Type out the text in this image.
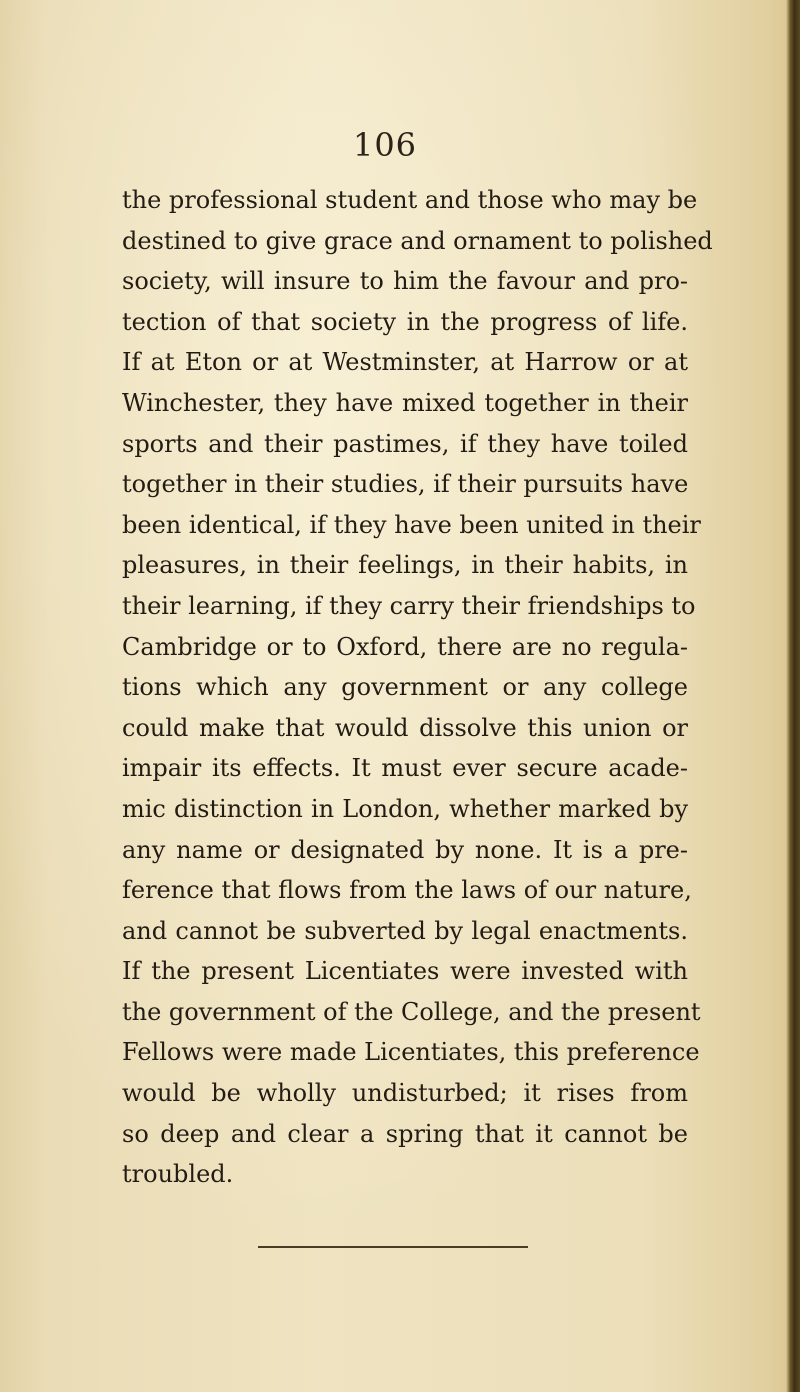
106
the professional student and those who may be
destined to give grace and ornament to polished
society, will insure to him the favour and pro-
tection of that society in the progress of life.
If at Eton or at Westminster, at Harrow or at
Winchester, they have mixed together in their
sports and their pastimes, if they have toiled
together in their studies, if their pursuits have
been identical, if they have been united in their
pleasures, in their feelings, in their habits, in
their learning, if they carry their friendships to
Cambridge or to Oxford, there are no regula-
tions which any government or any college
could make that would dissolve this union or
impair its effects. It must ever secure acade-
mic distinction in London, whether marked by
any name or designated by none. It is a pre-
ference that flows from the laws of our nature,
and cannot be subverted by legal enactments.
If the present Licentiates were invested with
the government of the College, and the present
Fellows were made Licentiates, this preference
would be wholly undisturbed; it rises from
so deep and clear a spring that it cannot be
troubled.
